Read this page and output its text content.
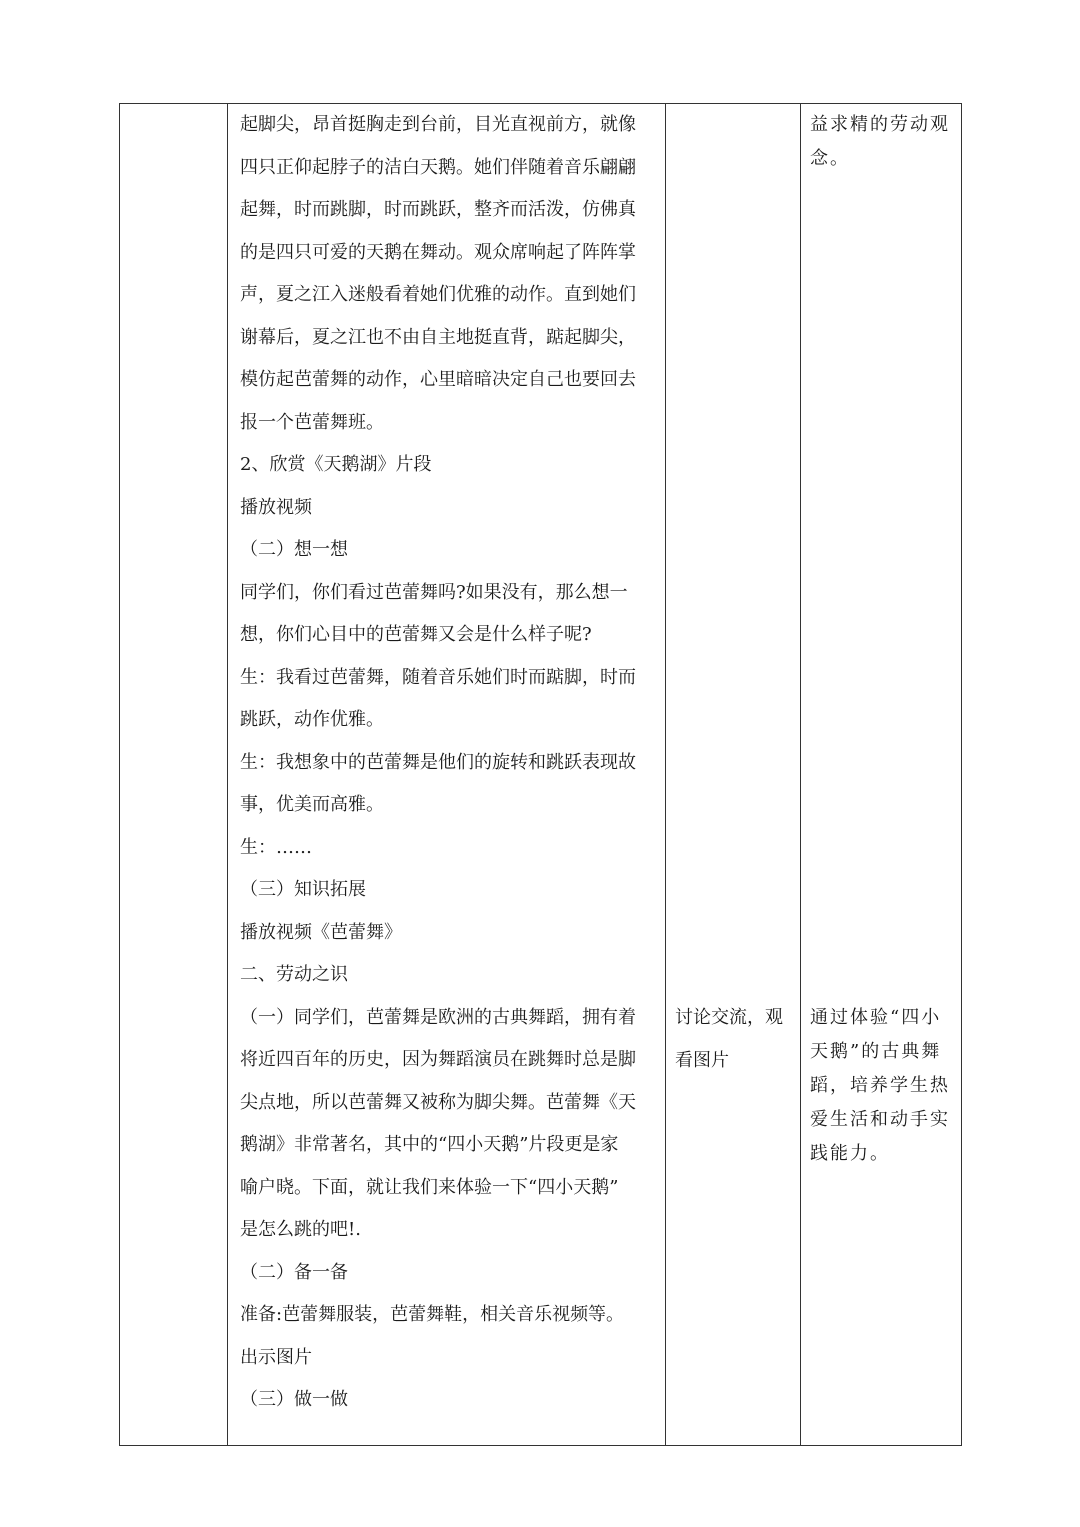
起脚尖，昂首挺胸走到台前，目光直视前方，就像
四只正仰起脖子的洁白天鹅。她们伴随着音乐翩翩
起舞，时而跳脚，时而跳跃，整齐而活泼，仿佛真
的是四只可爱的天鹅在舞动。观众席响起了阵阵掌
声，夏之江入迷般看着她们优雅的动作。直到她们
谢幕后，夏之江也不由自主地挺直背，踮起脚尖，
模仿起芭蕾舞的动作，心里暗暗决定自己也要回去
报一个芭蕾舞班。
2、欣赏《天鹅湖》片段
播放视频
（二）想一想
同学们，你们看过芭蕾舞吗?如果没有，那么想一
想，你们心目中的芭蕾舞又会是什么样子呢?
生：我看过芭蕾舞，随着音乐她们时而踮脚，时而
跳跃，动作优雅。
生：我想象中的芭蕾舞是他们的旋转和跳跃表现故
事，优美而高雅。
生：……
（三）知识拓展
播放视频《芭蕾舞》
二、劳动之识
（一）同学们，芭蕾舞是欧洲的古典舞蹈，拥有着
将近四百年的历史，因为舞蹈演员在跳舞时总是脚
尖点地，所以芭蕾舞又被称为脚尖舞。芭蕾舞《天
鹅湖》非常著名，其中的“四小天鹅”片段更是家
喻户晓。下面，就让我们来体验一下“四小天鹅”
是怎么跳的吧!.
（二）备一备
准备:芭蕾舞服装，芭蕾舞鞋，相关音乐视频等。
出示图片
（三）做一做
讨论交流，观
看图片
益求精的劳动观
念。
通过体验“四小
天鹅”的古典舞
蹈，培养学生热
爱生活和动手实
践能力。
